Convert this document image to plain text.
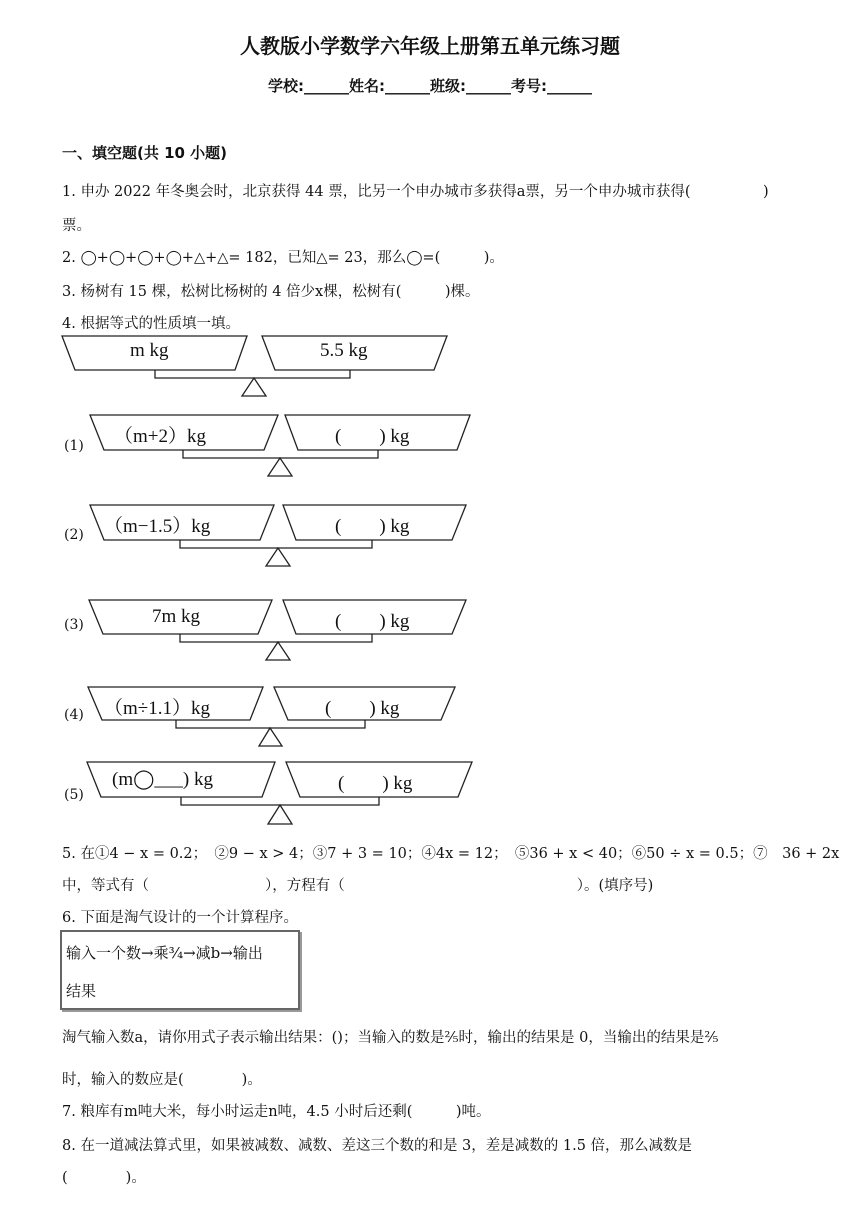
人教版小学数学六年级上册第五单元练习题
学校:______姓名:______班级:______考号:______
一、填空题(共 10 小题)
1. 申办 2022 年冬奥会时，北京获得 44 票，比另一个申办城市多获得a票，另一个申办城市获得(　　　　　)
票。
2. ◯+◯+◯+◯+△+△= 182，已知△= 23，那么◯=(　　　)。
3. 杨树有 15 棵，松树比杨树的 4 倍少x棵，松树有(　　　)棵。
4. 根据等式的性质填一填。
m kg	5.5 kg
(1) （m+2）kg	(　　) kg
(2) （m−1.5）kg	(　　) kg
(3)	7m kg	(　　) kg
(4) （m÷1.1）kg	(　　) kg
(5)
(m◯___) kg	(　　) kg
5. 在①4 − x = 0.2；　②9 − x > 4；③7 + 3 = 10；④4x = 12；　⑤36 + x < 40；⑥50 ÷ x = 0.5；⑦　36 + 2x
中，等式有（　　　　　　　　），方程有（　　　　　　　　　　　　　　　　）。(填序号)
6. 下面是淘气设计的一个计算程序。
输入一个数→乘¾→减b→输出
结果
淘气输入数a，请你用式子表示输出结果：()；当输入的数是⅖时，输出的结果是 0，当输出的结果是⅖
时，输入的数应是(　　　　)。
7. 粮库有m吨大米，每小时运走n吨，4.5 小时后还剩(　　　)吨。
8. 在一道减法算式里，如果被减数、减数、差这三个数的和是 3，差是减数的 1.5 倍，那么减数是
(　　　　)。
